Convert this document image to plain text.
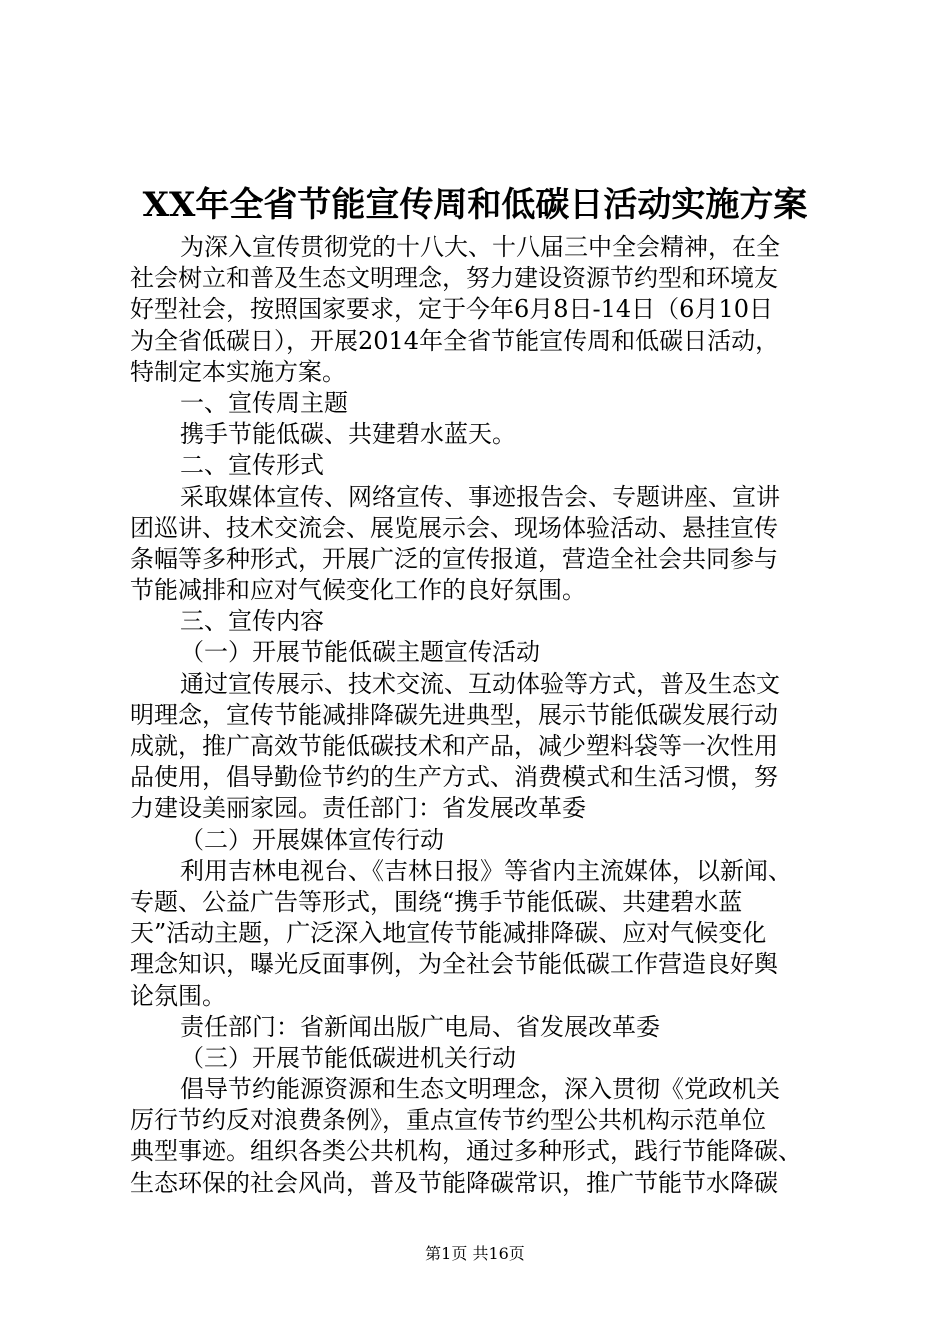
XX年全省节能宣传周和低碳日活动实施方案
为深入宣传贯彻党的十八大、十八届三中全会精神，在全
社会树立和普及生态文明理念，努力建设资源节约型和环境友
好型社会，按照国家要求，定于今年6月8日-14日（6月10日
为全省低碳日），开展2014年全省节能宣传周和低碳日活动，
特制定本实施方案。
一、宣传周主题
携手节能低碳、共建碧水蓝天。
二、宣传形式
采取媒体宣传、网络宣传、事迹报告会、专题讲座、宣讲
团巡讲、技术交流会、展览展示会、现场体验活动、悬挂宣传
条幅等多种形式，开展广泛的宣传报道，营造全社会共同参与
节能减排和应对气候变化工作的良好氛围。
三、宣传内容
（一）开展节能低碳主题宣传活动
通过宣传展示、技术交流、互动体验等方式，普及生态文
明理念，宣传节能减排降碳先进典型，展示节能低碳发展行动
成就，推广高效节能低碳技术和产品，减少塑料袋等一次性用
品使用，倡导勤俭节约的生产方式、消费模式和生活习惯，努
力建设美丽家园。责任部门：省发展改革委
（二）开展媒体宣传行动
利用吉林电视台、《吉林日报》等省内主流媒体，以新闻、
专题、公益广告等形式，围绕“携手节能低碳、共建碧水蓝
天”活动主题，广泛深入地宣传节能减排降碳、应对气候变化
理念知识，曝光反面事例，为全社会节能低碳工作营造良好舆
论氛围。
责任部门：省新闻出版广电局、省发展改革委
（三）开展节能低碳进机关行动
倡导节约能源资源和生态文明理念，深入贯彻《党政机关
厉行节约反对浪费条例》，重点宣传节约型公共机构示范单位
典型事迹。组织各类公共机构，通过多种形式，践行节能降碳、
生态环保的社会风尚，普及节能降碳常识，推广节能节水降碳
第1页 共16页
